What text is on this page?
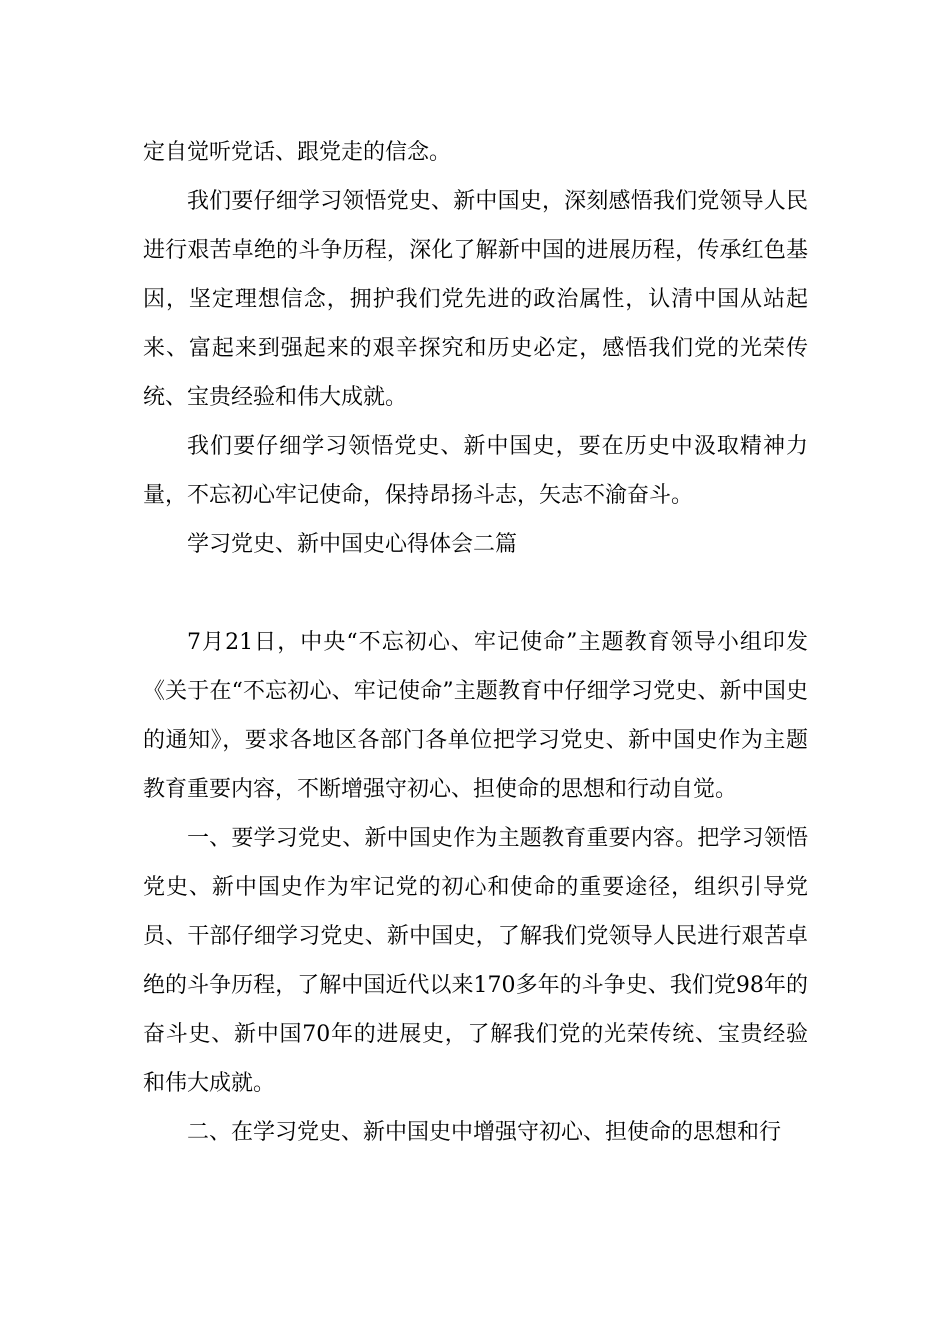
定自觉听党话、跟党走的信念。

我们要仔细学习领悟党史、新中国史，深刻感悟我们党领导人民进行艰苦卓绝的斗争历程，深化了解新中国的进展历程，传承红色基因，坚定理想信念，拥护我们党先进的政治属性，认清中国从站起来、富起来到强起来的艰辛探究和历史必定，感悟我们党的光荣传统、宝贵经验和伟大成就。

我们要仔细学习领悟党史、新中国史，要在历史中汲取精神力量，不忘初心牢记使命，保持昂扬斗志，矢志不渝奋斗。

学习党史、新中国史心得体会二篇

7月21日，中央“不忘初心、牢记使命”主题教育领导小组印发《关于在“不忘初心、牢记使命”主题教育中仔细学习党史、新中国史的通知》，要求各地区各部门各单位把学习党史、新中国史作为主题教育重要内容，不断增强守初心、担使命的思想和行动自觉。

一、要学习党史、新中国史作为主题教育重要内容。把学习领悟党史、新中国史作为牢记党的初心和使命的重要途径，组织引导党员、干部仔细学习党史、新中国史，了解我们党领导人民进行艰苦卓绝的斗争历程，了解中国近代以来170多年的斗争史、我们党98年的奋斗史、新中国70年的进展史，了解我们党的光荣传统、宝贵经验和伟大成就。

二、在学习党史、新中国史中增强守初心、担使命的思想和行
